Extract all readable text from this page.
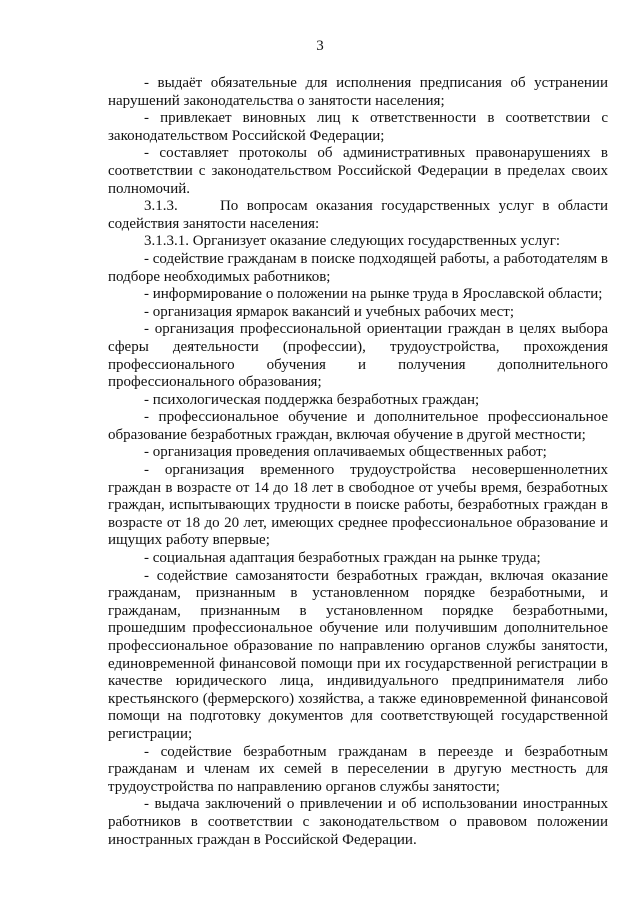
3

- выдаёт обязательные для исполнения предписания об устранении нарушений законодательства о занятости населения;

- привлекает виновных лиц к ответственности в соответствии с законодательством Российской Федерации;

- составляет протоколы об административных правонарушениях в соответствии с законодательством Российской Федерации в пределах своих полномочий.

3.1.3.     По вопросам оказания государственных услуг в области содействия занятости населения:

3.1.3.1. Организует оказание следующих государственных услуг:

- содействие гражданам в поиске подходящей работы, а работодателям в подборе необходимых работников;

- информирование о положении на рынке труда в Ярославской области;

- организация ярмарок вакансий и учебных рабочих мест;

- организация профессиональной ориентации граждан в целях выбора сферы деятельности (профессии), трудоустройства, прохождения профессионального обучения и получения дополнительного профессионального образования;

- психологическая поддержка безработных граждан;

- профессиональное обучение и дополнительное профессиональное образование безработных граждан, включая обучение в другой местности;

- организация проведения оплачиваемых общественных работ;

- организация временного трудоустройства несовершеннолетних граждан в возрасте от 14 до 18 лет в свободное от учебы время, безработных граждан, испытывающих трудности в поиске работы, безработных граждан в возрасте от 18 до 20 лет, имеющих среднее профессиональное образование и ищущих работу впервые;

- социальная адаптация безработных граждан на рынке труда;

- содействие самозанятости безработных граждан, включая оказание гражданам, признанным в установленном порядке безработными, и гражданам, признанным в установленном порядке безработными, прошедшим профессиональное обучение или получившим дополнительное профессиональное образование по направлению органов службы занятости, единовременной финансовой помощи при их государственной регистрации в качестве юридического лица, индивидуального предпринимателя либо крестьянского (фермерского) хозяйства, а также единовременной финансовой помощи на подготовку документов для соответствующей государственной регистрации;

- содействие безработным гражданам в переезде и безработным гражданам и членам их семей в переселении в другую местность для трудоустройства по направлению органов службы занятости;

- выдача заключений о привлечении и об использовании иностранных работников в соответствии с законодательством о правовом положении иностранных граждан в Российской Федерации.
